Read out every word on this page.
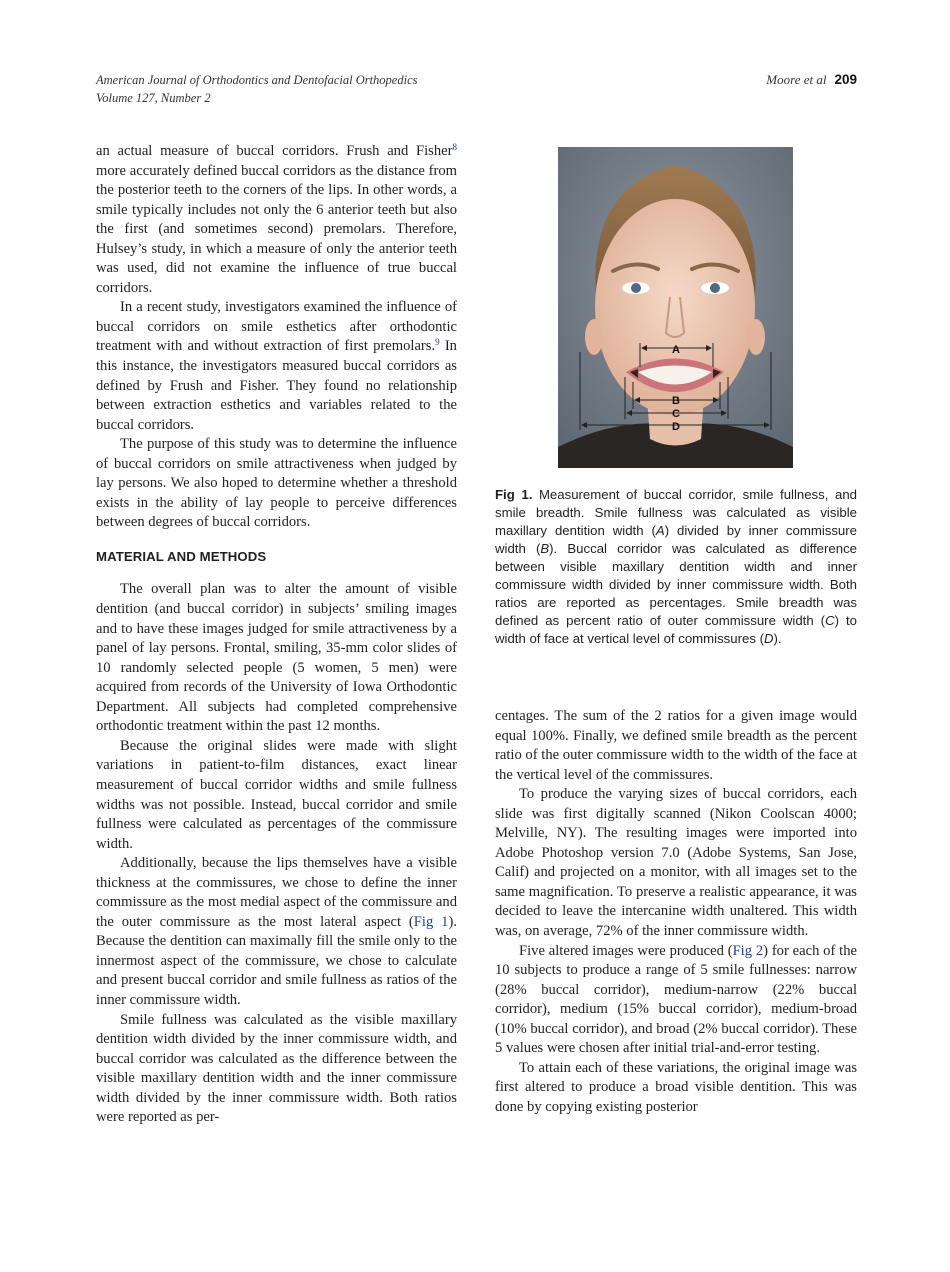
American Journal of Orthodontics and Dentofacial Orthopedics
Volume 127, Number 2
Moore et al 209

an actual measure of buccal corridors. Frush and Fisher$^8$ more accurately defined buccal corridors as the distance from the posterior teeth to the corners of the lips. In other words, a smile typically includes not only the 6 anterior teeth but also the first (and sometimes second) premolars. Therefore, Hulsey’s study, in which a measure of only the anterior teeth was used, did not examine the influence of true buccal corridors.

In a recent study, investigators examined the influence of buccal corridors on smile esthetics after orthodontic treatment with and without extraction of first premolars.$^9$ In this instance, the investigators measured buccal corridors as defined by Frush and Fisher. They found no relationship between extraction esthetics and variables related to the buccal corridors.

The purpose of this study was to determine the influence of buccal corridors on smile attractiveness when judged by lay persons. We also hoped to determine whether a threshold exists in the ability of lay people to perceive differences between degrees of buccal corridors.

MATERIAL AND METHODS

The overall plan was to alter the amount of visible dentition (and buccal corridor) in subjects’ smiling images and to have these images judged for smile attractiveness by a panel of lay persons. Frontal, smiling, 35-mm color slides of 10 randomly selected people (5 women, 5 men) were acquired from records of the University of Iowa Orthodontic Department. All subjects had completed comprehensive orthodontic treatment within the past 12 months.

Because the original slides were made with slight variations in patient-to-film distances, exact linear measurement of buccal corridor widths and smile fullness widths was not possible. Instead, buccal corridor and smile fullness were calculated as percentages of the commissure width.

Additionally, because the lips themselves have a visible thickness at the commissures, we chose to define the inner commissure as the most medial aspect of the commissure and the outer commissure as the most lateral aspect (Fig 1). Because the dentition can maximally fill the smile only to the innermost aspect of the commissure, we chose to calculate and present buccal corridor and smile fullness as ratios of the inner commissure width.

Smile fullness was calculated as the visible maxillary dentition width divided by the inner commissure width, and buccal corridor was calculated as the difference between the visible maxillary dentition width and the inner commissure width divided by the inner commissure width. Both ratios were reported as per-

A
B
C
D
Fig 1. Measurement of buccal corridor, smile fullness, and smile breadth. Smile fullness was calculated as visible maxillary dentition width (A) divided by inner commissure width (B). Buccal corridor was calculated as difference between visible maxillary dentition width and inner commissure width divided by inner commissure width. Both ratios are reported as percentages. Smile breadth was defined as percent ratio of outer commissure width (C) to width of face at vertical level of commissures (D).

centages. The sum of the 2 ratios for a given image would equal 100%. Finally, we defined smile breadth as the percent ratio of the outer commissure width to the width of the face at the vertical level of the commissures.

To produce the varying sizes of buccal corridors, each slide was first digitally scanned (Nikon Coolscan 4000; Melville, NY). The resulting images were imported into Adobe Photoshop version 7.0 (Adobe Systems, San Jose, Calif) and projected on a monitor, with all images set to the same magnification. To preserve a realistic appearance, it was decided to leave the intercanine width unaltered. This width was, on average, 72% of the inner commissure width.

Five altered images were produced (Fig 2) for each of the 10 subjects to produce a range of 5 smile fullnesses: narrow (28% buccal corridor), medium-narrow (22% buccal corridor), medium (15% buccal corridor), medium-broad (10% buccal corridor), and broad (2% buccal corridor). These 5 values were chosen after initial trial-and-error testing.

To attain each of these variations, the original image was first altered to produce a broad visible dentition. This was done by copying existing posterior
